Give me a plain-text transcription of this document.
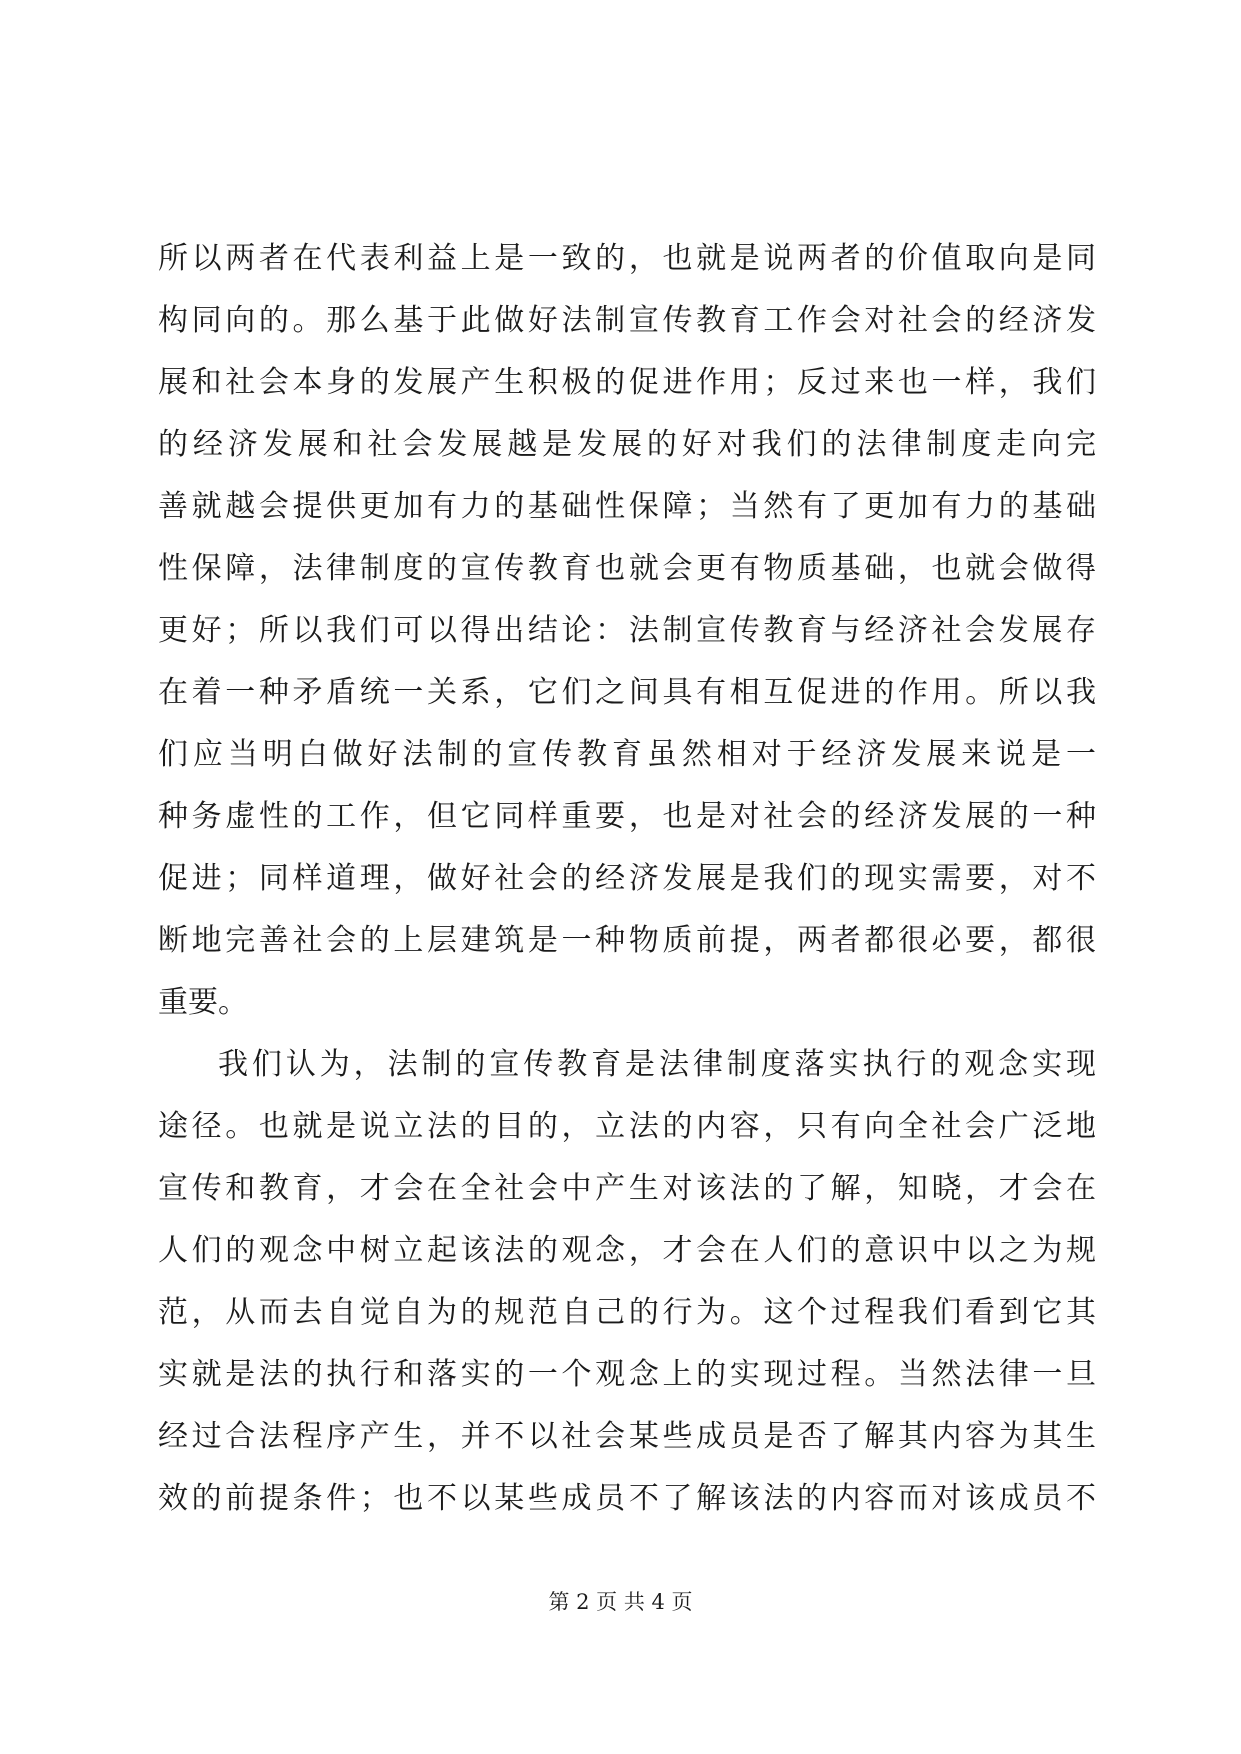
所以两者在代表利益上是一致的，也就是说两者的价值取向是同
构同向的。那么基于此做好法制宣传教育工作会对社会的经济发
展和社会本身的发展产生积极的促进作用；反过来也一样，我们
的经济发展和社会发展越是发展的好对我们的法律制度走向完
善就越会提供更加有力的基础性保障；当然有了更加有力的基础
性保障，法律制度的宣传教育也就会更有物质基础，也就会做得
更好；所以我们可以得出结论：法制宣传教育与经济社会发展存
在着一种矛盾统一关系，它们之间具有相互促进的作用。所以我
们应当明白做好法制的宣传教育虽然相对于经济发展来说是一
种务虚性的工作，但它同样重要，也是对社会的经济发展的一种
促进；同样道理，做好社会的经济发展是我们的现实需要，对不
断地完善社会的上层建筑是一种物质前提，两者都很必要，都很
重要。
我们认为，法制的宣传教育是法律制度落实执行的观念实现
途径。也就是说立法的目的，立法的内容，只有向全社会广泛地
宣传和教育，才会在全社会中产生对该法的了解，知晓，才会在
人们的观念中树立起该法的观念，才会在人们的意识中以之为规
范，从而去自觉自为的规范自己的行为。这个过程我们看到它其
实就是法的执行和落实的一个观念上的实现过程。当然法律一旦
经过合法程序产生，并不以社会某些成员是否了解其内容为其生
效的前提条件；也不以某些成员不了解该法的内容而对该成员不
第 2 页 共 4 页
